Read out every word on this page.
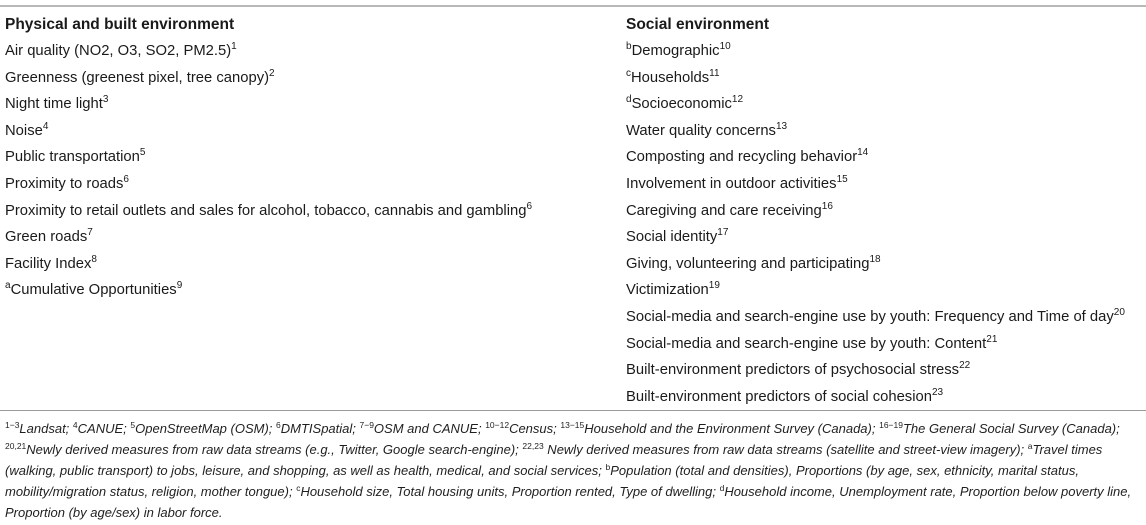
Physical and built environment
Air quality (NO2, O3, SO2, PM2.5)$^1$
Greenness (greenest pixel, tree canopy)$^2$
Night time light$^3$
Noise$^4$
Public transportation$^5$
Proximity to roads$^6$
Proximity to retail outlets and sales for alcohol, tobacco, cannabis and gambling$^6$
Green roads$^7$
Facility Index$^8$
$^a$Cumulative Opportunities$^9$
Social environment
$^b$Demographic$^{10}$
$^c$Households$^{11}$
$^d$Socioeconomic$^{12}$
Water quality concerns$^{13}$
Composting and recycling behavior$^{14}$
Involvement in outdoor activities$^{15}$
Caregiving and care receiving$^{16}$
Social identity$^{17}$
Giving, volunteering and participating$^{18}$
Victimization$^{19}$
Social-media and search-engine use by youth: Frequency and Time of day$^{20}$
Social-media and search-engine use by youth: Content$^{21}$
Built-environment predictors of psychosocial stress$^{22}$
Built-environment predictors of social cohesion$^{23}$
$^{1-3}$Landsat; $^4$CANUE; $^5$OpenStreetMap (OSM); $^6$DMTISpatial; $^{7-9}$OSM and CANUE; $^{10-12}$Census; $^{13-15}$Household and the Environment Survey (Canada); $^{16-19}$The General Social Survey (Canada); $^{20,21}$Newly derived measures from raw data streams (e.g., Twitter, Google search-engine); $^{22,23}$ Newly derived measures from raw data streams (satellite and street-view imagery); $^a$Travel times (walking, public transport) to jobs, leisure, and shopping, as well as health, medical, and social services; $^b$Population (total and densities), Proportions (by age, sex, ethnicity, marital status, mobility/migration status, religion, mother tongue); $^c$Household size, Total housing units, Proportion rented, Type of dwelling; $^d$Household income, Unemployment rate, Proportion below poverty line, Proportion (by age/sex) in labor force.
